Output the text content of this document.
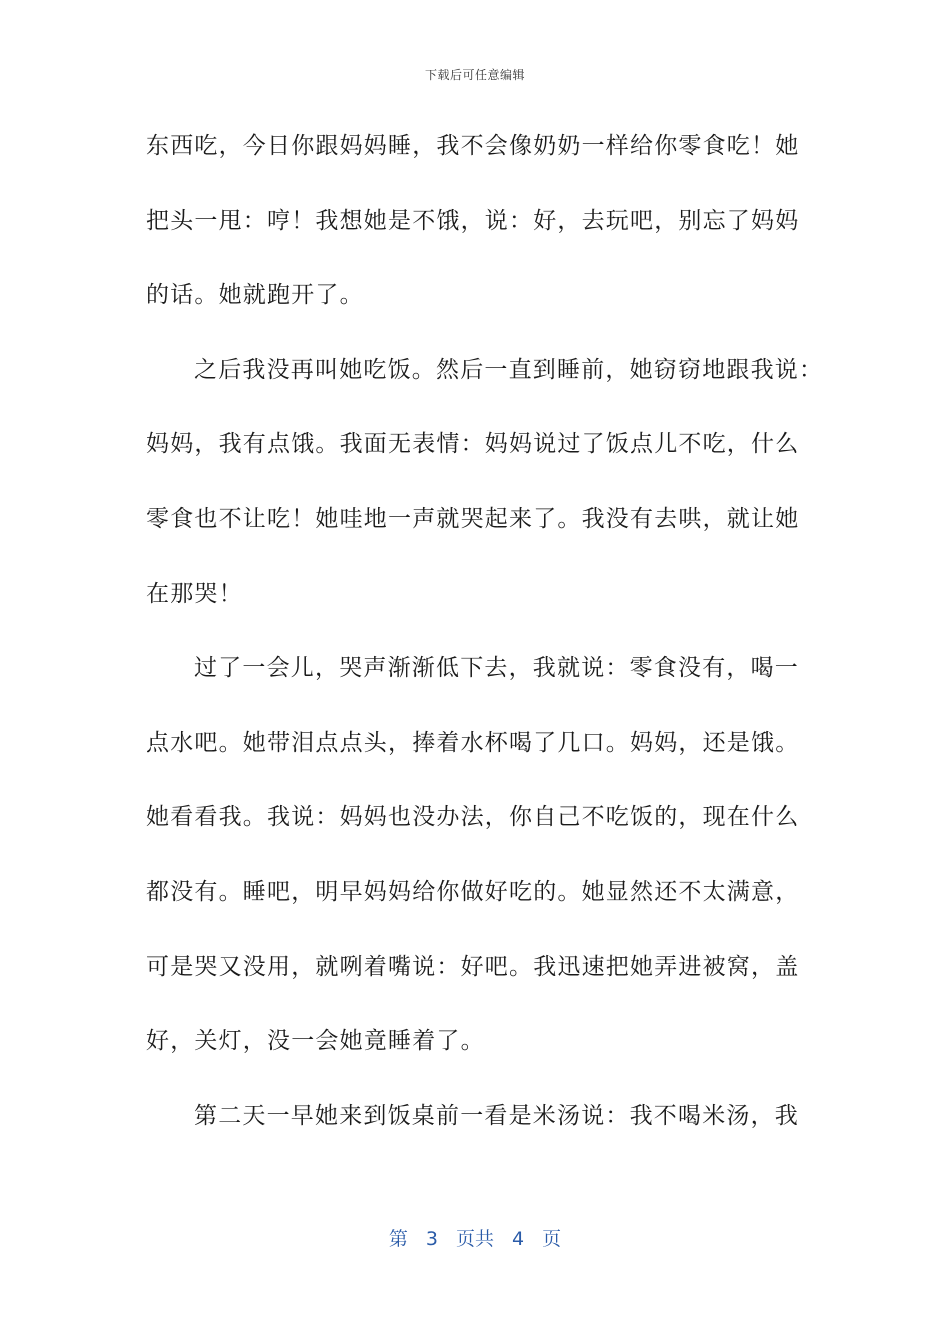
下载后可任意编辑
东西吃，今日你跟妈妈睡，我不会像奶奶一样给你零食吃！她
把头一甩：哼！我想她是不饿，说：好，去玩吧，别忘了妈妈
的话。她就跑开了。
之后我没再叫她吃饭。然后一直到睡前，她窃窃地跟我说：
妈妈，我有点饿。我面无表情：妈妈说过了饭点儿不吃，什么
零食也不让吃！她哇地一声就哭起来了。我没有去哄，就让她
在那哭！
过了一会儿，哭声渐渐低下去，我就说：零食没有，喝一
点水吧。她带泪点点头，捧着水杯喝了几口。妈妈，还是饿。
她看看我。我说：妈妈也没办法，你自己不吃饭的，现在什么
都没有。睡吧，明早妈妈给你做好吃的。她显然还不太满意，
可是哭又没用，就咧着嘴说：好吧。我迅速把她弄进被窝，盖
好，关灯，没一会她竟睡着了。
第二天一早她来到饭桌前一看是米汤说：我不喝米汤，我
第 3 页共 4 页
